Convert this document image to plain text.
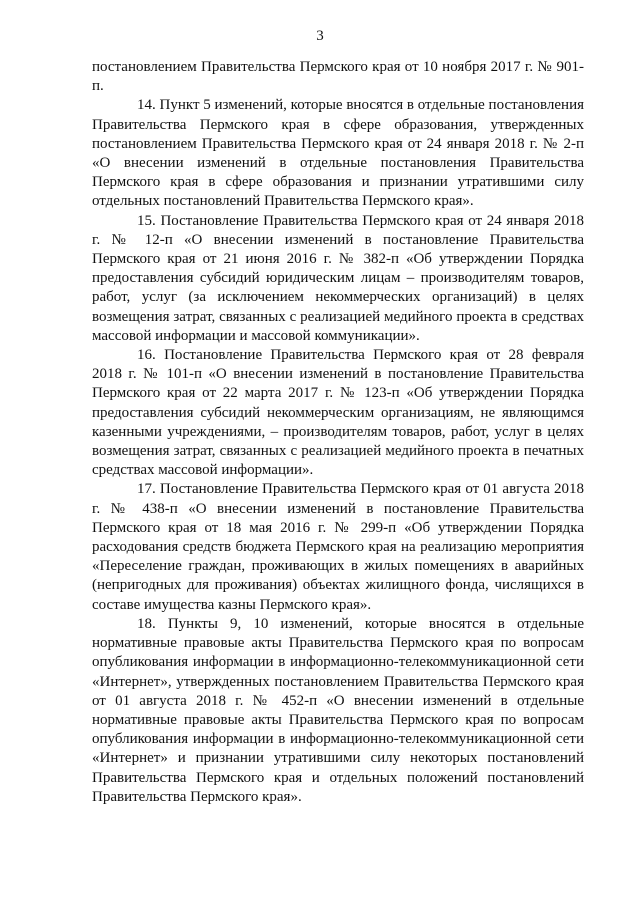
3

постановлением Правительства Пермского края от 10 ноября 2017 г. № 901-п.

14. Пункт 5 изменений, которые вносятся в отдельные постановления Правительства Пермского края в сфере образования, утвержденных постановлением Правительства Пермского края от 24 января 2018 г. № 2-п «О внесении изменений в отдельные постановления Правительства Пермского края в сфере образования и признании утратившими силу отдельных постановлений Правительства Пермского края».

15. Постановление Правительства Пермского края от 24 января 2018 г. № 12-п «О внесении изменений в постановление Правительства Пермского края от 21 июня 2016 г. № 382-п «Об утверждении Порядка предоставления субсидий юридическим лицам – производителям товаров, работ, услуг (за исключением некоммерческих организаций) в целях возмещения затрат, связанных с реализацией медийного проекта в средствах массовой информации и массовой коммуникации».

16. Постановление Правительства Пермского края от 28 февраля 2018 г. № 101-п «О внесении изменений в постановление Правительства Пермского края от 22 марта 2017 г. № 123-п «Об утверждении Порядка предоставления субсидий некоммерческим организациям, не являющимся казенными учреждениями, – производителям товаров, работ, услуг в целях возмещения затрат, связанных с реализацией медийного проекта в печатных средствах массовой информации».

17. Постановление Правительства Пермского края от 01 августа 2018 г. № 438-п «О внесении изменений в постановление Правительства Пермского края от 18 мая 2016 г. № 299-п «Об утверждении Порядка расходования средств бюджета Пермского края на реализацию мероприятия «Переселение граждан, проживающих в жилых помещениях в аварийных (непригодных для проживания) объектах жилищного фонда, числящихся в составе имущества казны Пермского края».

18. Пункты 9, 10 изменений, которые вносятся в отдельные нормативные правовые акты Правительства Пермского края по вопросам опубликования информации в информационно-телекоммуникационной сети «Интернет», утвержденных постановлением Правительства Пермского края от 01 августа 2018 г. № 452-п «О внесении изменений в отдельные нормативные правовые акты Правительства Пермского края по вопросам опубликования информации в информационно-телекоммуникационной сети «Интернет» и признании утратившими силу некоторых постановлений Правительства Пермского края и отдельных положений постановлений Правительства Пермского края».
